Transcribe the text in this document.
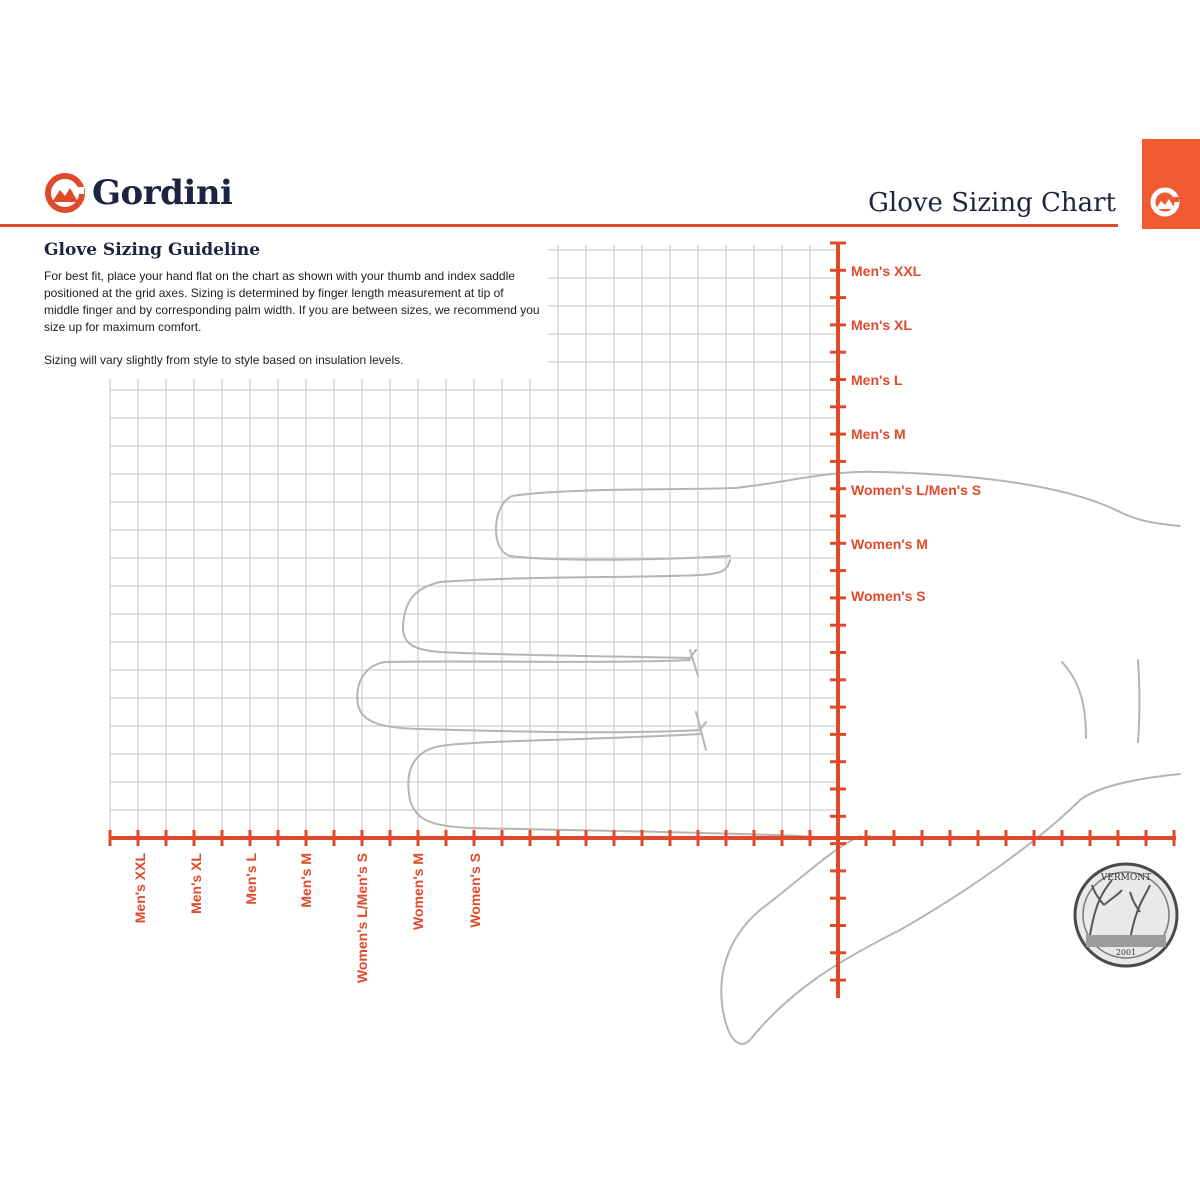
Men's XXL
Men's XL
Men's L
Men's M
Women's L/Men's S
Women's M
Women's S
Men's XXL	Men's XL	Men's L	Men's M	Women's L/Men's S	Women's M	Women's S	VERMONT
2001
Gordini	Glove Sizing Chart
Glove Sizing Guideline

For best fit, place your hand flat on the chart as shown with your thumb and index saddle positioned at the grid axes. Sizing is determined by finger length measurement at tip of middle finger and by corresponding palm width. If you are between sizes, we recommend you size up for maximum comfort.

Sizing will vary slightly from style to style based on insulation levels.
